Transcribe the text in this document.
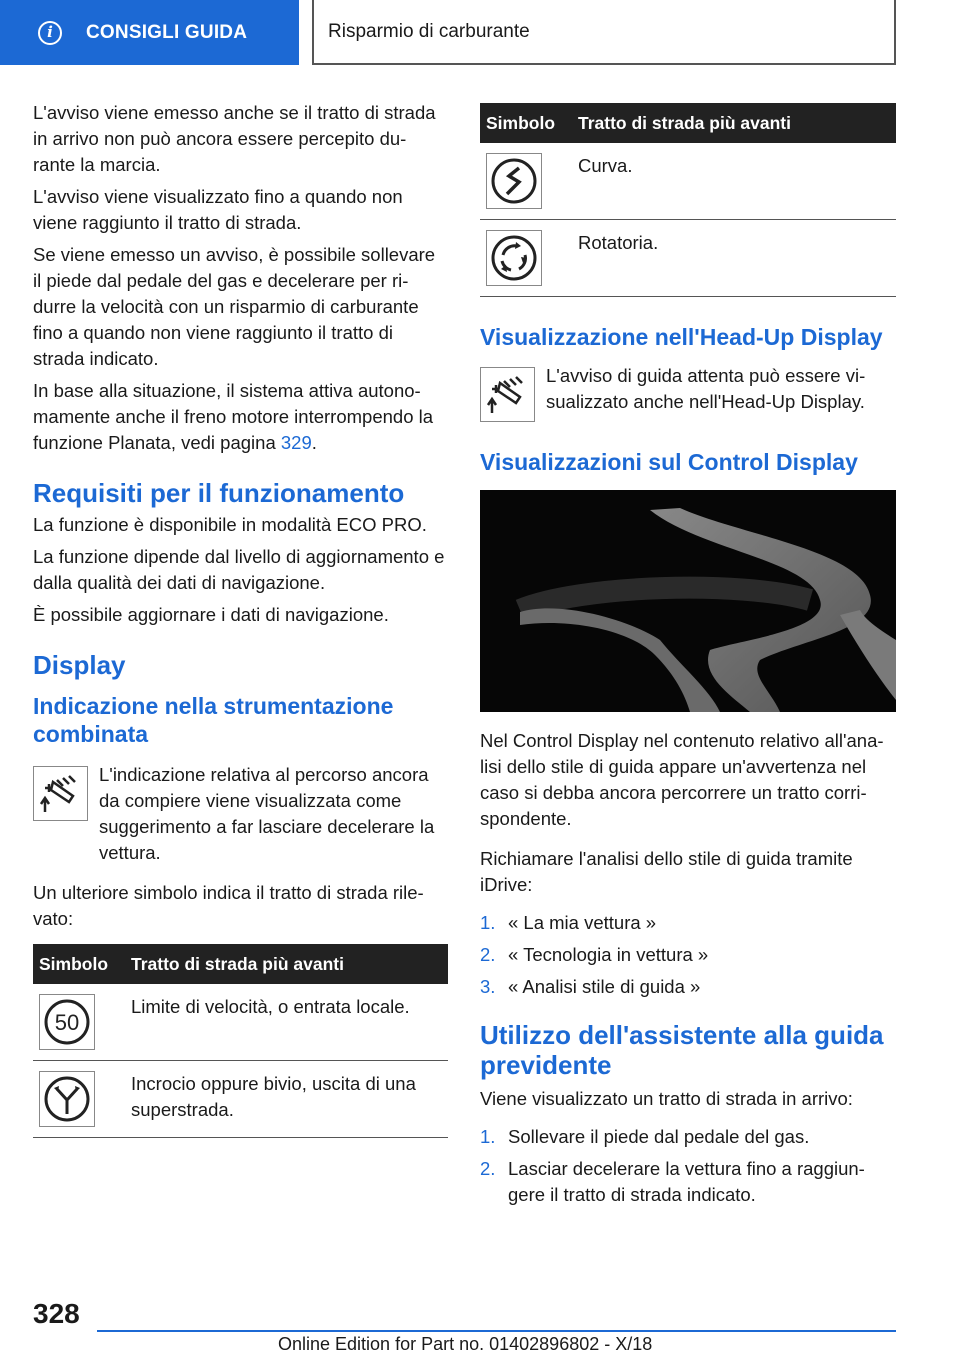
i CONSIGLI GUIDA	Risparmio di carburante

L'avviso viene emesso anche se il tratto di strada in arrivo non può ancora essere percepito du-rante la marcia.

L'avviso viene visualizzato fino a quando non viene raggiunto il tratto di strada.

Se viene emesso un avviso, è possibile sollevare il piede dal pedale del gas e decelerare per ri-durre la velocità con un risparmio di carburante fino a quando non viene raggiunto il tratto di strada indicato.

In base alla situazione, il sistema attiva autono-mamente anche il freno motore interrompendo la funzione Planata, vedi pagina 329.

Requisiti per il funzionamento

La funzione è disponibile in modalità ECO PRO.

La funzione dipende dal livello di aggiornamento e dalla qualità dei dati di navigazione.

È possibile aggiornare i dati di navigazione.

Display
Indicazione nella strumentazione combinata

L'indicazione relativa al percorso ancora da compiere viene visualizzata come suggerimento a far lasciare decelerare la vettura.

Un ulteriore simbolo indica il tratto di strada rile-vato:

Simbolo	Tratto di strada più avanti

50	Limite di velocità, o entrata locale.

	Incrocio oppure bivio, uscita di una superstrada.
Simbolo	Tratto di strada più avanti

	Curva.

	Rotatoria.
Visualizzazione nell'Head-Up Display

L'avviso di guida attenta può essere vi-sualizzato anche nell'Head-Up Display.

Visualizzazioni sul Control Display

Nel Control Display nel contenuto relativo all'ana-lisi dello stile di guida appare un'avvertenza nel caso si debba ancora percorrere un tratto corri-spondente.

Richiamare l'analisi dello stile di guida tramite iDrive:

1. « La mia vettura »
2. « Tecnologia in vettura »
3. « Analisi stile di guida »
Utilizzo dell'assistente alla guida previdente

Viene visualizzato un tratto di strada in arrivo:

1. Sollevare il piede dal pedale del gas.
2. Lasciar decelerare la vettura fino a raggiun-gere il tratto di strada indicato.
328
Online Edition for Part no. 01402896802 - X/18
